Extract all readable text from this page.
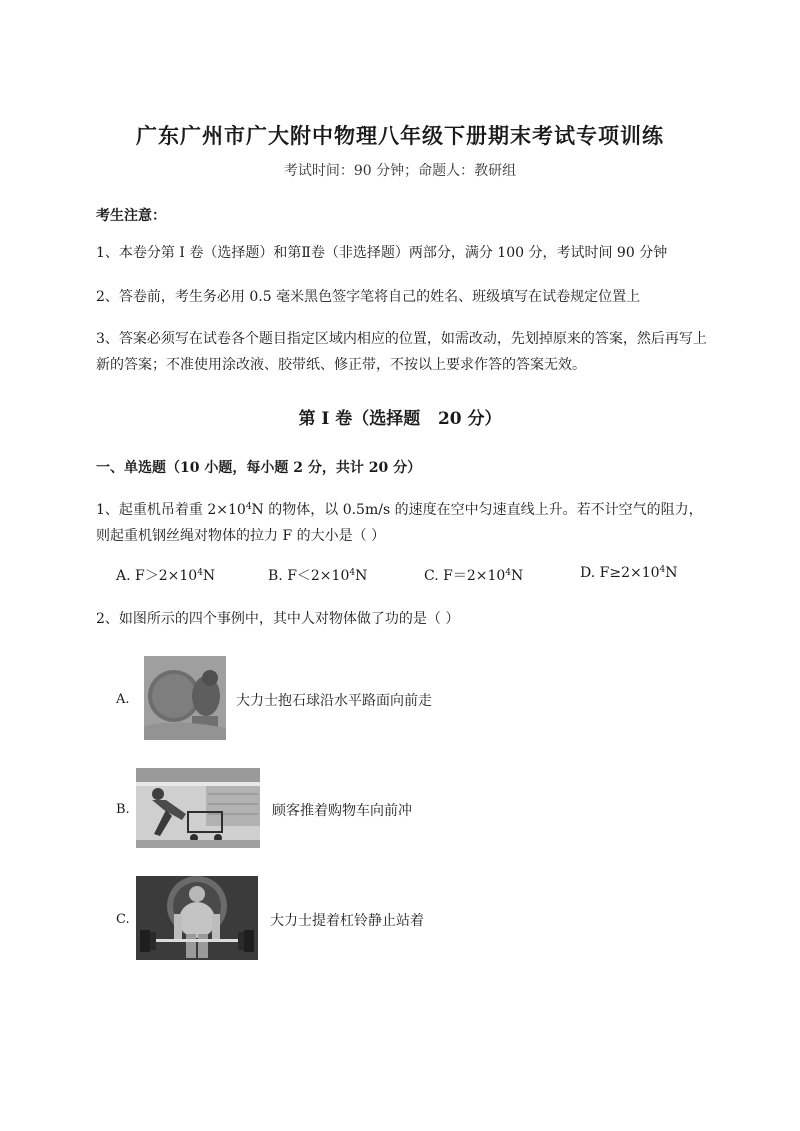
广东广州市广大附中物理八年级下册期末考试专项训练

考试时间：90 分钟；命题人：教研组

考生注意：

1、本卷分第 I 卷（选择题）和第Ⅱ卷（非选择题）两部分，满分 100 分，考试时间 90 分钟

2、答卷前，考生务必用 0.5 毫米黑色签字笔将自己的姓名、班级填写在试卷规定位置上

3、答案必须写在试卷各个题目指定区域内相应的位置，如需改动，先划掉原来的答案，然后再写上新的答案；不准使用涂改液、胶带纸、修正带，不按以上要求作答的答案无效。

第 I 卷（选择题   20 分）

一、单选题（10 小题，每小题 2 分，共计 20 分）

1、起重机吊着重 $2\times 10^4N$ 的物体，以 0.5m/s 的速度在空中匀速直线上升。若不计空气的阻力，则起重机钢丝绳对物体的拉力 F 的大小是（ ）

A. $F>2\times 10^4N$	B. $F<2\times 10^4N$	C. $F=2\times 10^4N$	D. $F\ge 2\times 10^4N$

2、如图所示的四个事例中，其中人对物体做了功的是（ ）

A.	大力士抱石球沿水平路面向前走
B.	顾客推着购物车向前冲
C.	大力士提着杠铃静止站着
